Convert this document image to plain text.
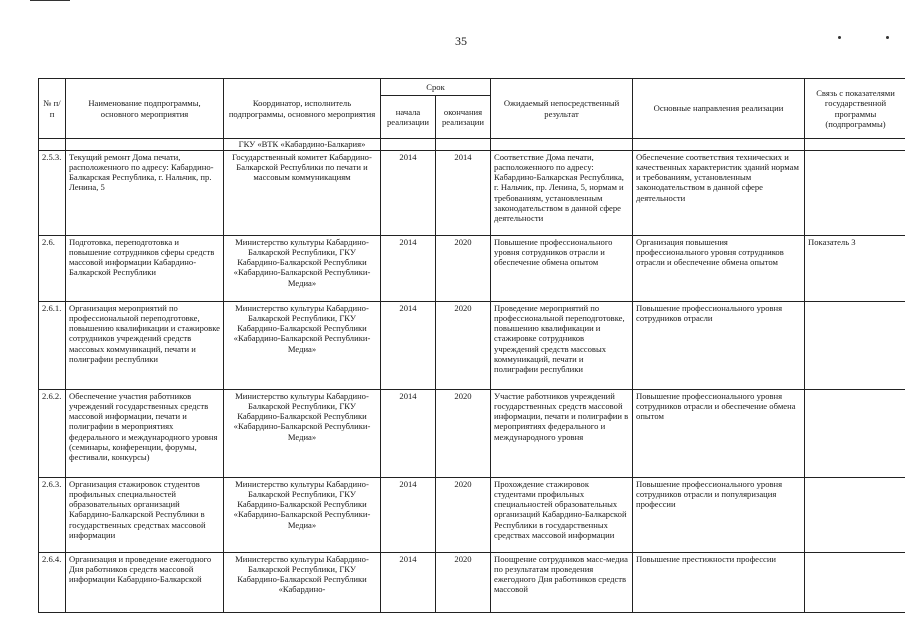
35
№ п/п	Наименование подпрограммы, основного мероприятия	Координатор, исполнитель подпрограммы, основного мероприятия	Срок		Ожидаемый непосредственный результат	Основные направления реализации	Связь с показателями государственной программы (подпрограммы)
			начала реализации	окончания реализации			
		ГКУ «ВТК «Кабардино-Балкария»					
2.5.3.	Текущий ремонт Дома печати, расположенного по адресу: Кабардино-Балкарская Республика, г. Нальчик, пр. Ленина, 5	Государственный комитет Кабардино-Балкарской Республики по печати и массовым коммуникациям	2014	2014	Соответствие Дома печати, расположенного по адресу: Кабардино-Балкарская Республика, г. Нальчик, пр. Ленина, 5, нормам и требованиям, установленным законодательством в данной сфере деятельности	Обеспечение соответствия технических и качественных характеристик зданий нормам и требованиям, установленным законодательством в данной сфере деятельности	
2.6.	Подготовка, переподготовка и повышение сотрудников сферы средств массовой информации Кабардино-Балкарской Республики	Министерство культуры Кабардино-Балкарской Республики, ГКУ Кабардино-Балкарской Республики «Кабардино-Балкарской Республики-Медиа»	2014	2020	Повышение профессионального уровня сотрудников отрасли и обеспечение обмена опытом	Организация повышения профессионального уровня сотрудников отрасли и обеспечение обмена опытом	Показатель 3
2.6.1.	Организация мероприятий по профессиональной переподготовке, повышению квалификации и стажировке сотрудников учреждений средств массовых коммуникаций, печати и полиграфии республики	Министерство культуры Кабардино-Балкарской Республики, ГКУ Кабардино-Балкарской Республики «Кабардино-Балкарской Республики-Медиа»	2014	2020	Проведение мероприятий по профессиональной переподготовке, повышению квалификации и стажировке сотрудников учреждений средств массовых коммуникаций, печати и полиграфии республики	Повышение профессионального уровня сотрудников отрасли	
2.6.2.	Обеспечение участия работников учреждений государственных средств массовой информации, печати и полиграфии в мероприятиях федерального и международного уровня (семинары, конференции, форумы, фестивали, конкурсы)	Министерство культуры Кабардино-Балкарской Республики, ГКУ Кабардино-Балкарской Республики «Кабардино-Балкарской Республики-Медиа»	2014	2020	Участие работников учреждений государственных средств массовой информации, печати и полиграфии в мероприятиях федерального и международного уровня	Повышение профессионального уровня сотрудников отрасли и обеспечение обмена опытом	
2.6.3.	Организация стажировок студентов профильных специальностей образовательных организаций Кабардино-Балкарской Республики в государственных средствах массовой информации	Министерство культуры Кабардино-Балкарской Республики, ГКУ Кабардино-Балкарской Республики «Кабардино-Балкарской Республики-Медиа»	2014	2020	Прохождение стажировок студентами профильных специальностей образовательных организаций Кабардино-Балкарской Республики в государственных средствах массовой информации	Повышение профессионального уровня сотрудников отрасли и популяризация профессии	
2.6.4.	Организация и проведение ежегодного Дня работников средств массовой информации Кабардино-Балкарской	Министерство культуры Кабардино-Балкарской Республики, ГКУ Кабардино-Балкарской Республики «Кабардино-	2014	2020	Поощрение сотрудников масс-медиа по результатам проведения ежегодного Дня работников средств массовой	Повышение престижности профессии	
